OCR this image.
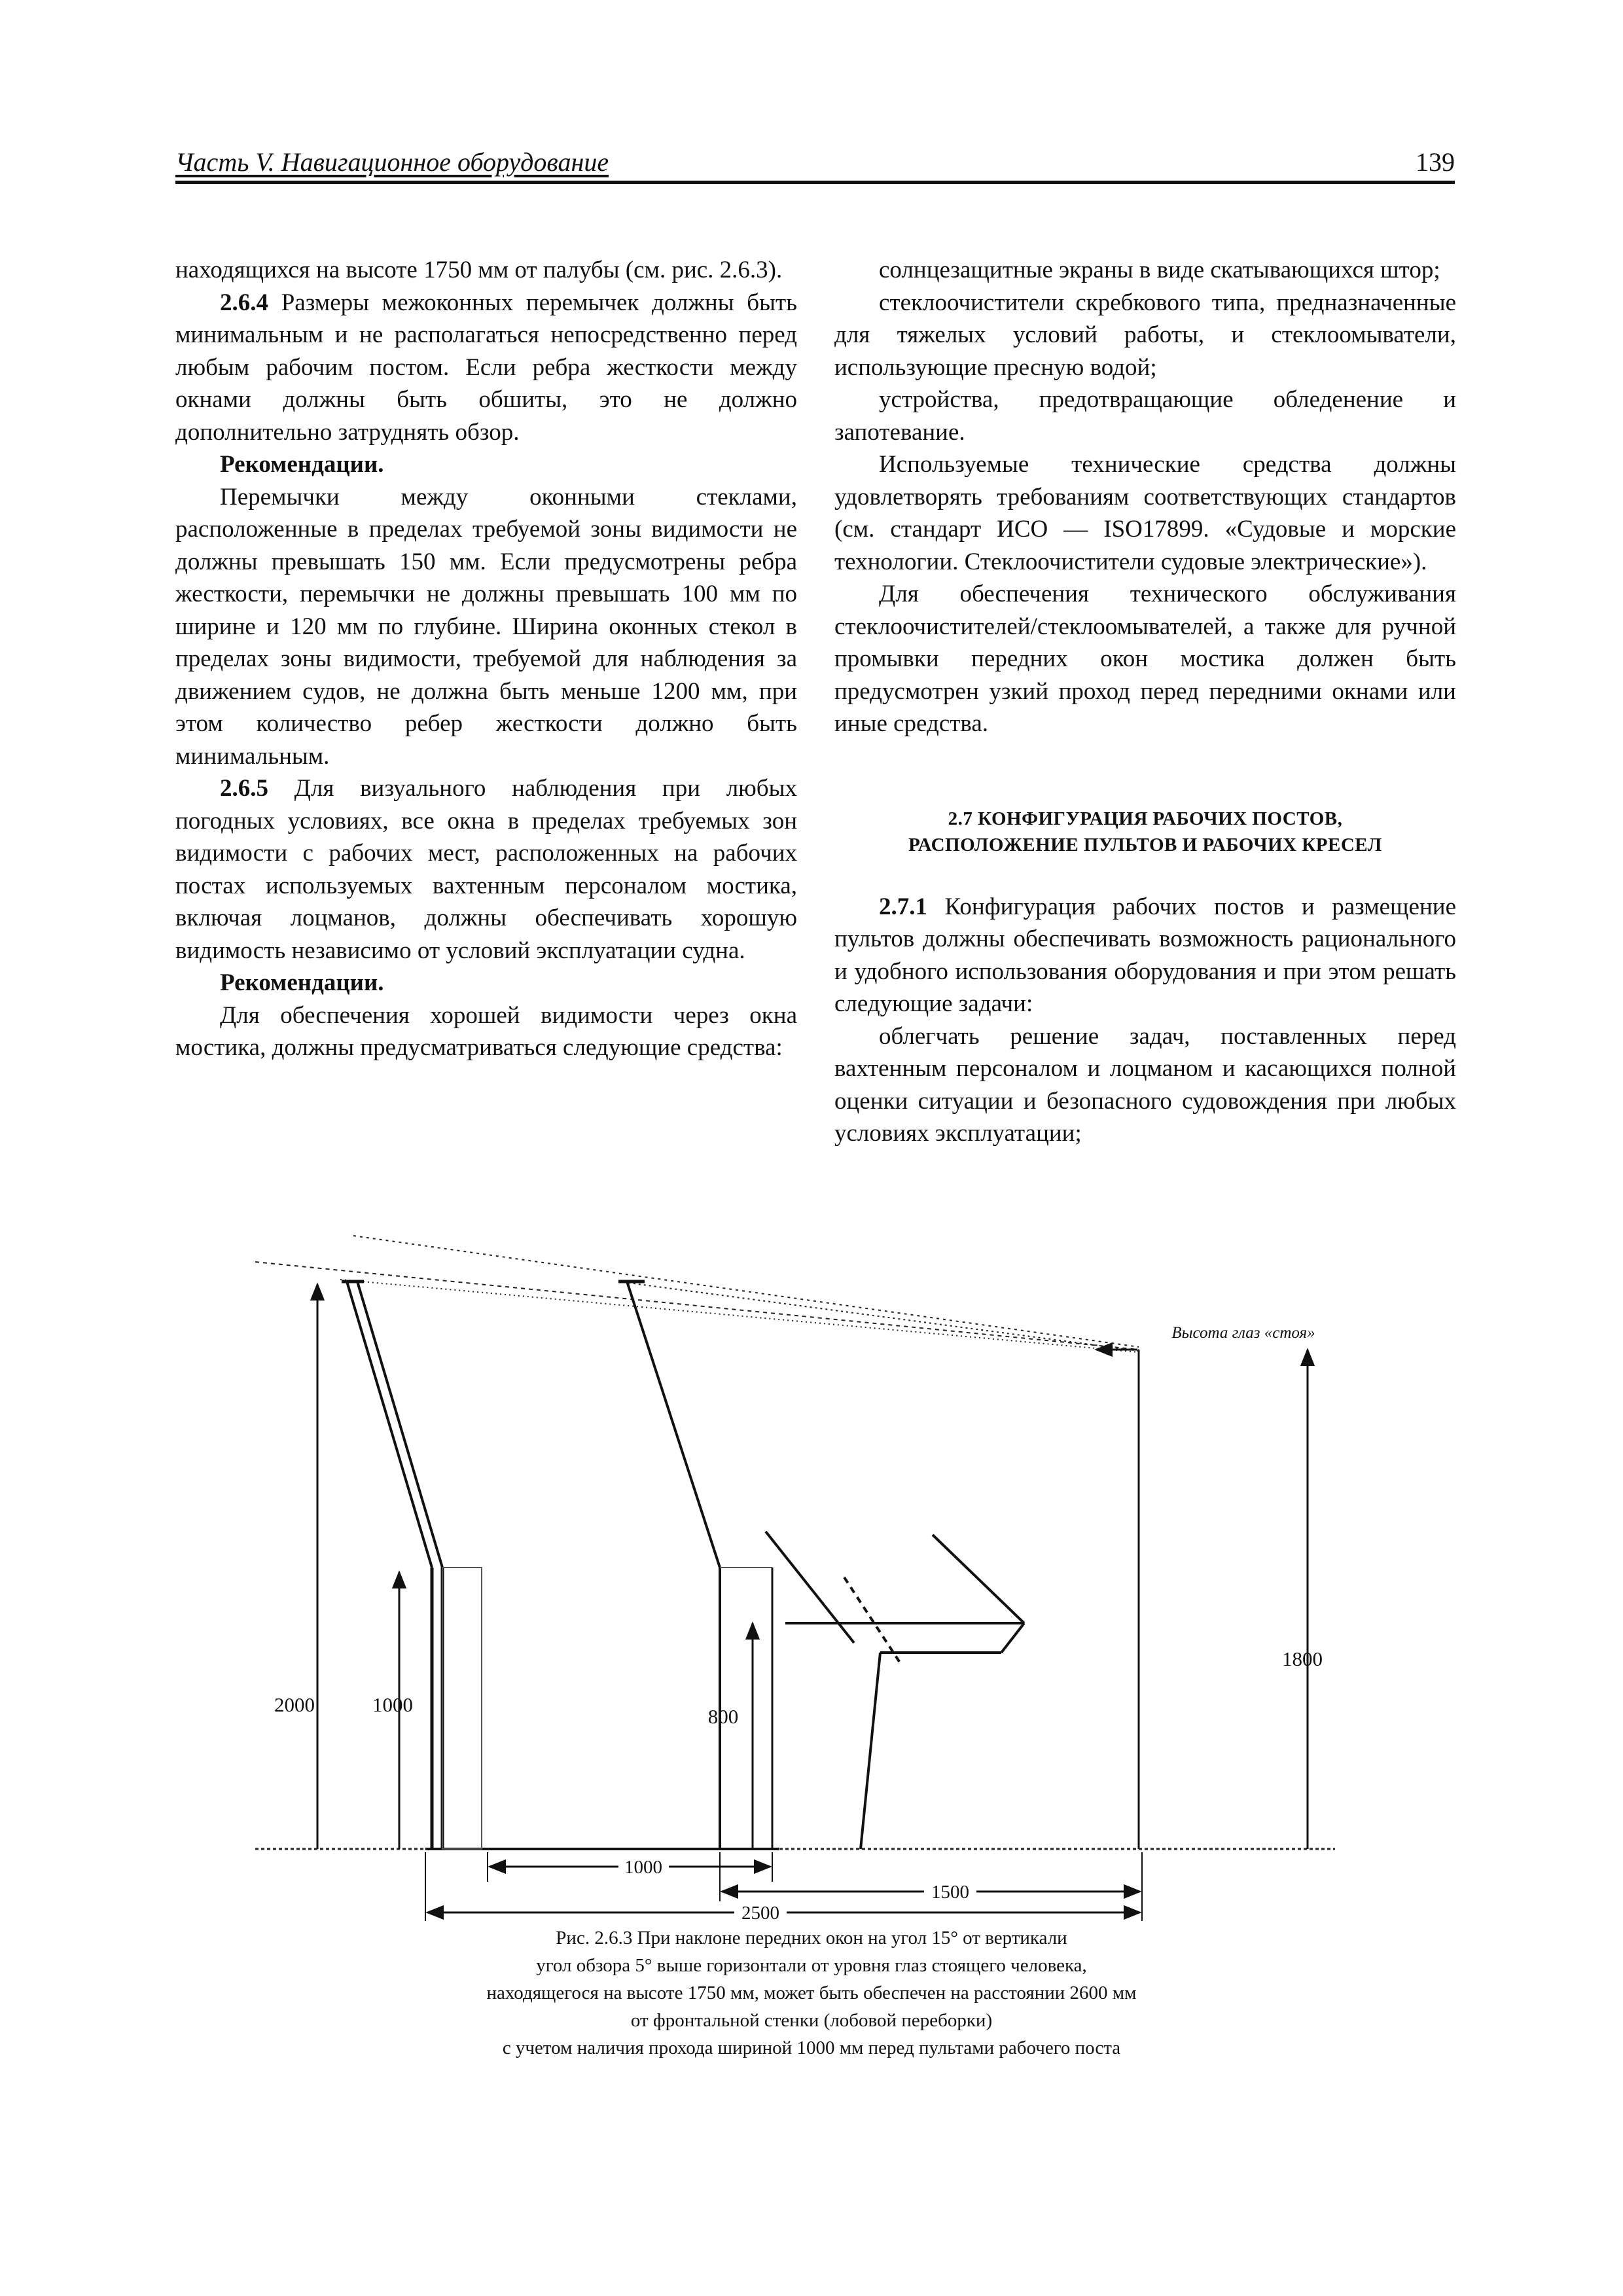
Часть V. Навигационное оборудование	139

находящихся на высоте 1750 мм от палубы (см. рис. 2.6.3).

2.6.4 Размеры межоконных перемычек должны быть минимальным и не располагаться непосредственно перед любым рабочим постом. Если ребра жесткости между окнами должны быть обшиты, это не должно дополнительно затруднять обзор.

Рекомендации.

Перемычки между оконными стеклами, расположенные в пределах требуемой зоны видимости не должны превышать 150 мм. Если предусмотрены ребра жесткости, перемычки не должны превышать 100 мм по ширине и 120 мм по глубине. Ширина оконных стекол в пределах зоны видимости, требуемой для наблюдения за движением судов, не должна быть меньше 1200 мм, при этом количество ребер жесткости должно быть минимальным.

2.6.5 Для визуального наблюдения при любых погодных условиях, все окна в пределах требуемых зон видимости с рабочих мест, расположенных на рабочих постах используемых вахтенным персоналом мостика, включая лоцманов, должны обеспечивать хорошую видимость независимо от условий эксплуатации судна.

Рекомендации.

Для обеспечения хорошей видимости через окна мостика, должны предусматриваться следующие средства:

солнцезащитные экраны в виде скатывающихся штор;

стеклоочистители скребкового типа, предназначенные для тяжелых условий работы, и стеклоомыватели, использующие пресную водой;

устройства, предотвращающие обледенение и запотевание.

Используемые технические средства должны удовлетворять требованиям соответствующих стандартов (см. стандарт ИСО — ISO17899. «Судовые и морские технологии. Стеклоочистители судовые электрические»).

Для обеспечения технического обслуживания стеклоочистителей/стеклоомывателей, а также для ручной промывки передних окон мостика должен быть предусмотрен узкий проход перед передними окнами или иные средства.

2.7 КОНФИГУРАЦИЯ РАБОЧИХ ПОСТОВ,
РАСПОЛОЖЕНИЕ ПУЛЬТОВ И РАБОЧИХ КРЕСЕЛ

2.7.1 Конфигурация рабочих постов и размещение пультов должны обеспечивать возможность рационального и удобного использования оборудования и при этом решать следующие задачи:

облегчать решение задач, поставленных перед вахтенным персоналом и лоцманом и касающихся полной оценки ситуации и безопасного судовождения при любых условиях эксплуатации;

2000	1000
800
1800
Высота глаз «стоя»
1000
1500
2500
Рис. 2.6.3 При наклоне передних окон на угол 15° от вертикали
угол обзора 5° выше горизонтали от уровня глаз стоящего человека,
находящегося на высоте 1750 мм, может быть обеспечен на расстоянии 2600 мм
от фронтальной стенки (лобовой переборки)
с учетом наличия прохода шириной 1000 мм перед пультами рабочего поста
